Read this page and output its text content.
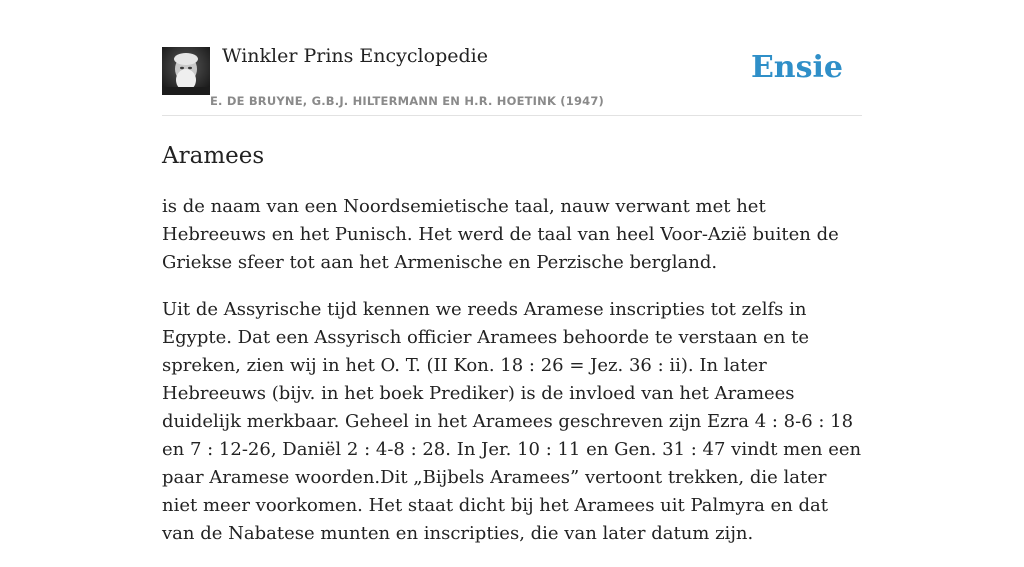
Winkler Prins Encyclopedie
E. DE BRUYNE, G.B.J. HILTERMANN EN H.R. HOETINK (1947)
Ensie
Aramees

is de naam van een Noordsemietische taal, nauw verwant met het Hebreeuws en het Punisch. Het werd de taal van heel Voor-Azië buiten de Griekse sfeer tot aan het Armenische en Perzische bergland.

Uit de Assyrische tijd kennen we reeds Aramese inscripties tot zelfs in Egypte. Dat een Assyrisch officier Aramees behoorde te verstaan en te spreken, zien wij in het O. T. (II Kon. 18 : 26 = Jez. 36 : ii). In later Hebreeuws (bijv. in het boek Prediker) is de invloed van het Aramees duidelijk merkbaar. Geheel in het Aramees geschreven zijn Ezra 4 : 8-6 : 18 en 7 : 12-26, Daniël 2 : 4-8 : 28. In Jer. 10 : 11 en Gen. 31 : 47 vindt men een paar Aramese woorden.Dit „Bijbels Aramees” vertoont trekken, die later niet meer voorkomen. Het staat dicht bij het Aramees uit Palmyra en dat van de Nabatese munten en inscripties, die van later datum zijn.
